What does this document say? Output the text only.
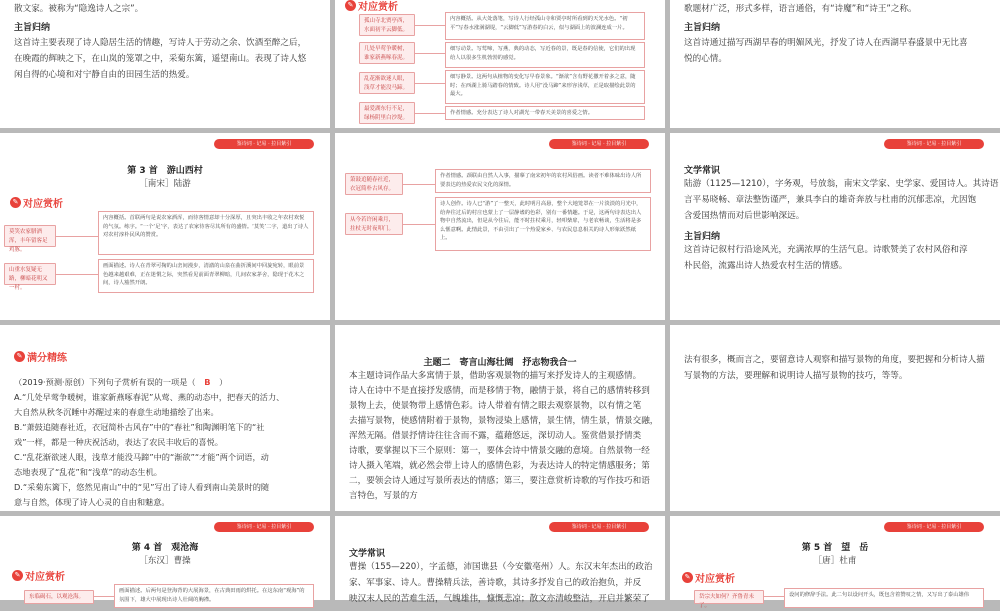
散文家。被称为“隐逸诗人之宗”。
主旨归纳
这首诗主要表现了诗人隐居生活的情趣，写诗人于劳动之余、饮酒至醉之后，
在晚霞的辉映之下，在山岚的笼罩之中，采菊东篱，遥望南山。表现了诗人悠
闲自得的心境和对宁静自由的田园生活的热爱。
✎ 对应赏析
孤山寺北贾亭西，水面初平云脚低。
几处早莺争暖树，谁家新燕啄春泥。
乱花渐欲迷人眼，浅草才能没马蹄。
最爱湖东行不足，绿杨阴里白沙堤。
内容概括。从大处落笔，写诗人行经孤山寺和贾亭时所看到的天光水色。“初平”写春水涨满湖堤，“云脚低”写游春的白云，似与湖面上的波澜连成一片。
细写动景。写莺啼，写燕，典的动态，写近春的景，既是春的信使，它们的出现给人以很多生机勃勃的感觉。
细写静景。这两句从植物的变化写早春景象。“渐欲”含有野花撒开着多之意，随时；在西湖上骑马踏春的情致。诗人用“没马蹄”来形容浅草，正是取描绘此景的最大。
作者情感。充分表达了诗人对湖光一带春天美景的喜爱之情。
歌题材广泛，形式多样，语言通俗，有“诗魔”和“诗王”之称。
主旨归纳
这首诗通过描写西湖早春的明媚风光，抒发了诗人在西湖早春盛景中无比喜
悦的心情。
鉴诗词 · 记易 · 拉目紫引
第 3 首　游山西村
［南宋］陆游
✎ 对应赏析
莫笑农家腊酒浑，丰年留客足鸡豚。
山重水复疑无路，柳暗花明又一村。
内容概括。首联两句是说农家酒浑，而待客情意却十分深厚，且突出丰收之年农村欢悦的气氛。练字。“一个‘足’字，表达了农家待客尽其所有的盛情。‘莫笑’二字，道出了诗人对农村淳朴民风的赞赏。
画面描述。诗人在青翠可掬的山峦间漫步，清澈的山泉在曲折溪间中回旋宛转，眼前景色越来越艰难，正在迷惘之际，突然看见前面青翠柳暗，几间农家茅舍，隐现于花木之间，诗人豁然开朗。
鉴诗词 · 记易 · 拉目紫引
箫鼓追随春社近，衣冠简朴古风存。
从今若许闲乘月，拄杖无时夜叩门。
作者情感。颈联由自然人入事，描摹了南宋初年的农村风俗画。读者不难体味出诗人所要表达的热爱农民文化的深情。
诗人创作。诗人已“游”了一整天，此时明月高悬，整个大地笼罩在一片淡淡的月光中，给奔往过后的村庄也蒙上了一层静谧的色彩，别有一番情趣。于是，这两句诗表达出人物中自然流出，但是从今往后，能不时拄杖乘月，轻叩柴扉，与老农畅谈，生活将是多么惬意啊。此情此景，不由引出了一个热爱家乡、与农民息息相关的诗人形象跃然纸上。
鉴诗词 · 记易 · 拉目紫引
文学常识
陆游（1125—1210），字务观，号放翁，南宋文学家、史学家、爱国诗人。其诗语
言平易晓畅、章法整饬谨严，兼具李白的雄奇奔放与杜甫的沉郁悲凉，尤因饱
含爱国热情而对后世影响深远。
主旨归纳
这首诗记叙村行沿途风光，充满浓厚的生活气息。诗歌赞美了农村风俗和淳
朴民俗，流露出诗人热爱农村生活的情感。
✎ 满分精练
（2019·预测·原创）下列句子赏析有误的一项是（ B ）
A.“几处早莺争暖树，谁家新燕啄春泥”从莺、燕的动态中，把春天的活力、
大自然从秋冬沉睡中苏醒过来的春意生动地描绘了出来。
B.“萧鼓追随春社近，衣冠简朴古风存”中的“春社”和陶渊明笔下的“社
戏”一样，都是一种庆祝活动，表达了农民丰收后的喜悦。
C.“乱花渐欲迷人眼，浅草才能没马蹄”中的“渐欲”“才能”两个词语，动
态地表现了“乱花”和“浅草”的动态生机。
D.“采菊东篱下，悠然见南山”中的“见”写出了诗人看到南山美景时的随
意与自然，体现了诗人心灵的自由和魅意。
主题二　寄言山海壮阔　抒志物我合一
本主题诗词作品大多寓情于景，借助客观景物的描写来抒发诗人的主观感情。
诗人在诗中不是直接抒发感情，而是移情于物，融情于景，将自己的感情转移到
景物上去，使景物带上感情色彩。诗人带着有情之眼去观察景物，以有情之笔
去描写景物，使感情附着于景物，景物浸染上感情，景生情，情生景，情景交融，
浑然无隔。借景抒情诗往往含而不露，蕴藉悠远，深切动人。鉴赏借景抒情类
诗歌，要掌握以下三个原则：第一，要体会诗中情景交融的意境。自然景物一经
诗人摄入笔端，就必然会带上诗人的感情色彩，为表达诗人的特定情感服务；第
二，要领会诗人通过写景所表达的情感；第三，要注意赏析诗歌的写作技巧和语
言特色，写景的方
法有很多，概而言之，要留意诗人观察和描写景物的角度，要把握和分析诗人描
写景物的方法，要理解和说明诗人描写景物的技巧，等等。
鉴诗词 · 记易 · 拉目紫引
第 4 首　观沧海
［东汉］曹操
✎ 对应赏析
东临碣石，以观沧海。
画面描述。后两句是登海背的大展海景，在古典田雨的烘托。在这东南“观海”的氛围下，雄大中展现出诗人壮阔的胸襟。
鉴诗词 · 记易 · 拉目紫引
文学常识
曹操（155—220），字孟德，沛国谯县（今安徽亳州）人。东汉末年杰出的政治
家、军事家、诗人。曹操精兵法，善诗歌，其诗多抒发自己的政治抱负，并反
映汉末人民的苦难生活，气魄雄伟，慷慨悲凉；散文亦清峻整洁，开启并繁荣了
鉴诗词 · 记易 · 拉目紫引
第 5 首　望　岳
［唐］杜甫
✎ 对应赏析
岱宗夫如何？齐鲁青未了。
设问的修辞手法。此二句以设问开头，既包含着赞叹之情，又写出了泰山雄伟
